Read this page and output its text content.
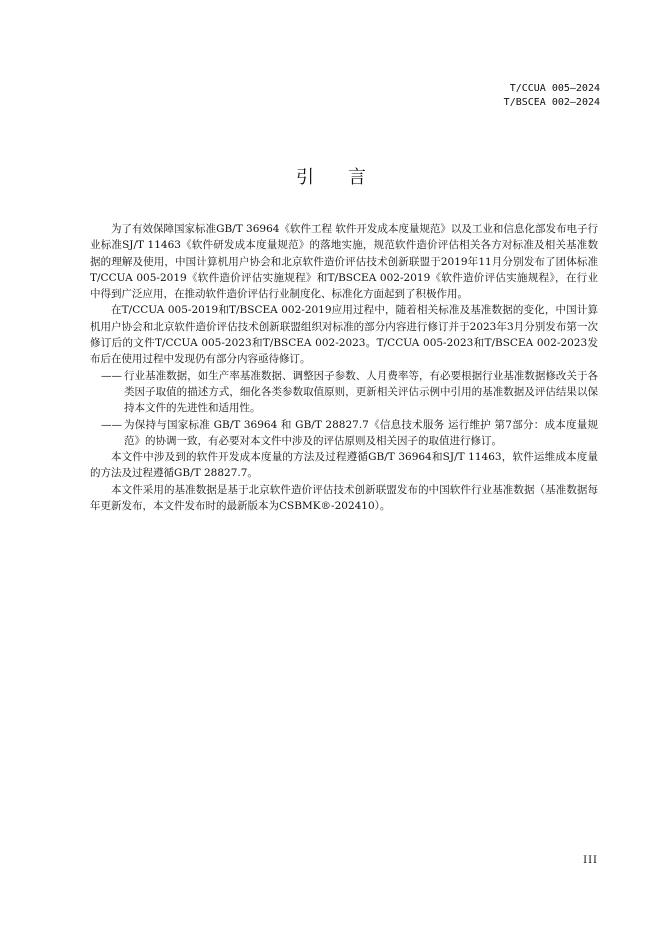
T/CCUA 005—2024
T/BSCEA 002—2024
引言

为了有效保障国家标准GB/T 36964《软件工程 软件开发成本度量规范》以及工业和信息化部发布电子行业标准SJ/T 11463《软件研发成本度量规范》的落地实施，规范软件造价评估相关各方对标准及相关基准数据的理解及使用，中国计算机用户协会和北京软件造价评估技术创新联盟于2019年11月分别发布了团体标准T/CCUA 005-2019《软件造价评估实施规程》和T/BSCEA 002-2019《软件造价评估实施规程》，在行业中得到广泛应用，在推动软件造价评估行业制度化、标准化方面起到了积极作用。

在T/CCUA 005-2019和T/BSCEA 002-2019应用过程中，随着相关标准及基准数据的变化，中国计算机用户协会和北京软件造价评估技术创新联盟组织对标准的部分内容进行修订并于2023年3月分别发布第一次修订后的文件T/CCUA 005-2023和T/BSCEA 002-2023。T/CCUA 005-2023和T/BSCEA 002-2023发布后在使用过程中发现仍有部分内容亟待修订。

—— 行业基准数据，如生产率基准数据、调整因子参数、人月费率等，有必要根据行业基准数据修改关于各类因子取值的描述方式，细化各类参数取值原则，更新相关评估示例中引用的基准数据及评估结果以保持本文件的先进性和适用性。

—— 为保持与国家标准 GB/T 36964 和 GB/T 28827.7《信息技术服务 运行维护 第7部分：成本度量规范》的协调一致，有必要对本文件中涉及的评估原则及相关因子的取值进行修订。

本文件中涉及到的软件开发成本度量的方法及过程遵循GB/T 36964和SJ/T 11463，软件运维成本度量的方法及过程遵循GB/T 28827.7。

本文件采用的基准数据是基于北京软件造价评估技术创新联盟发布的中国软件行业基准数据（基准数据每年更新发布，本文件发布时的最新版本为CSBMK®-202410）。

III
